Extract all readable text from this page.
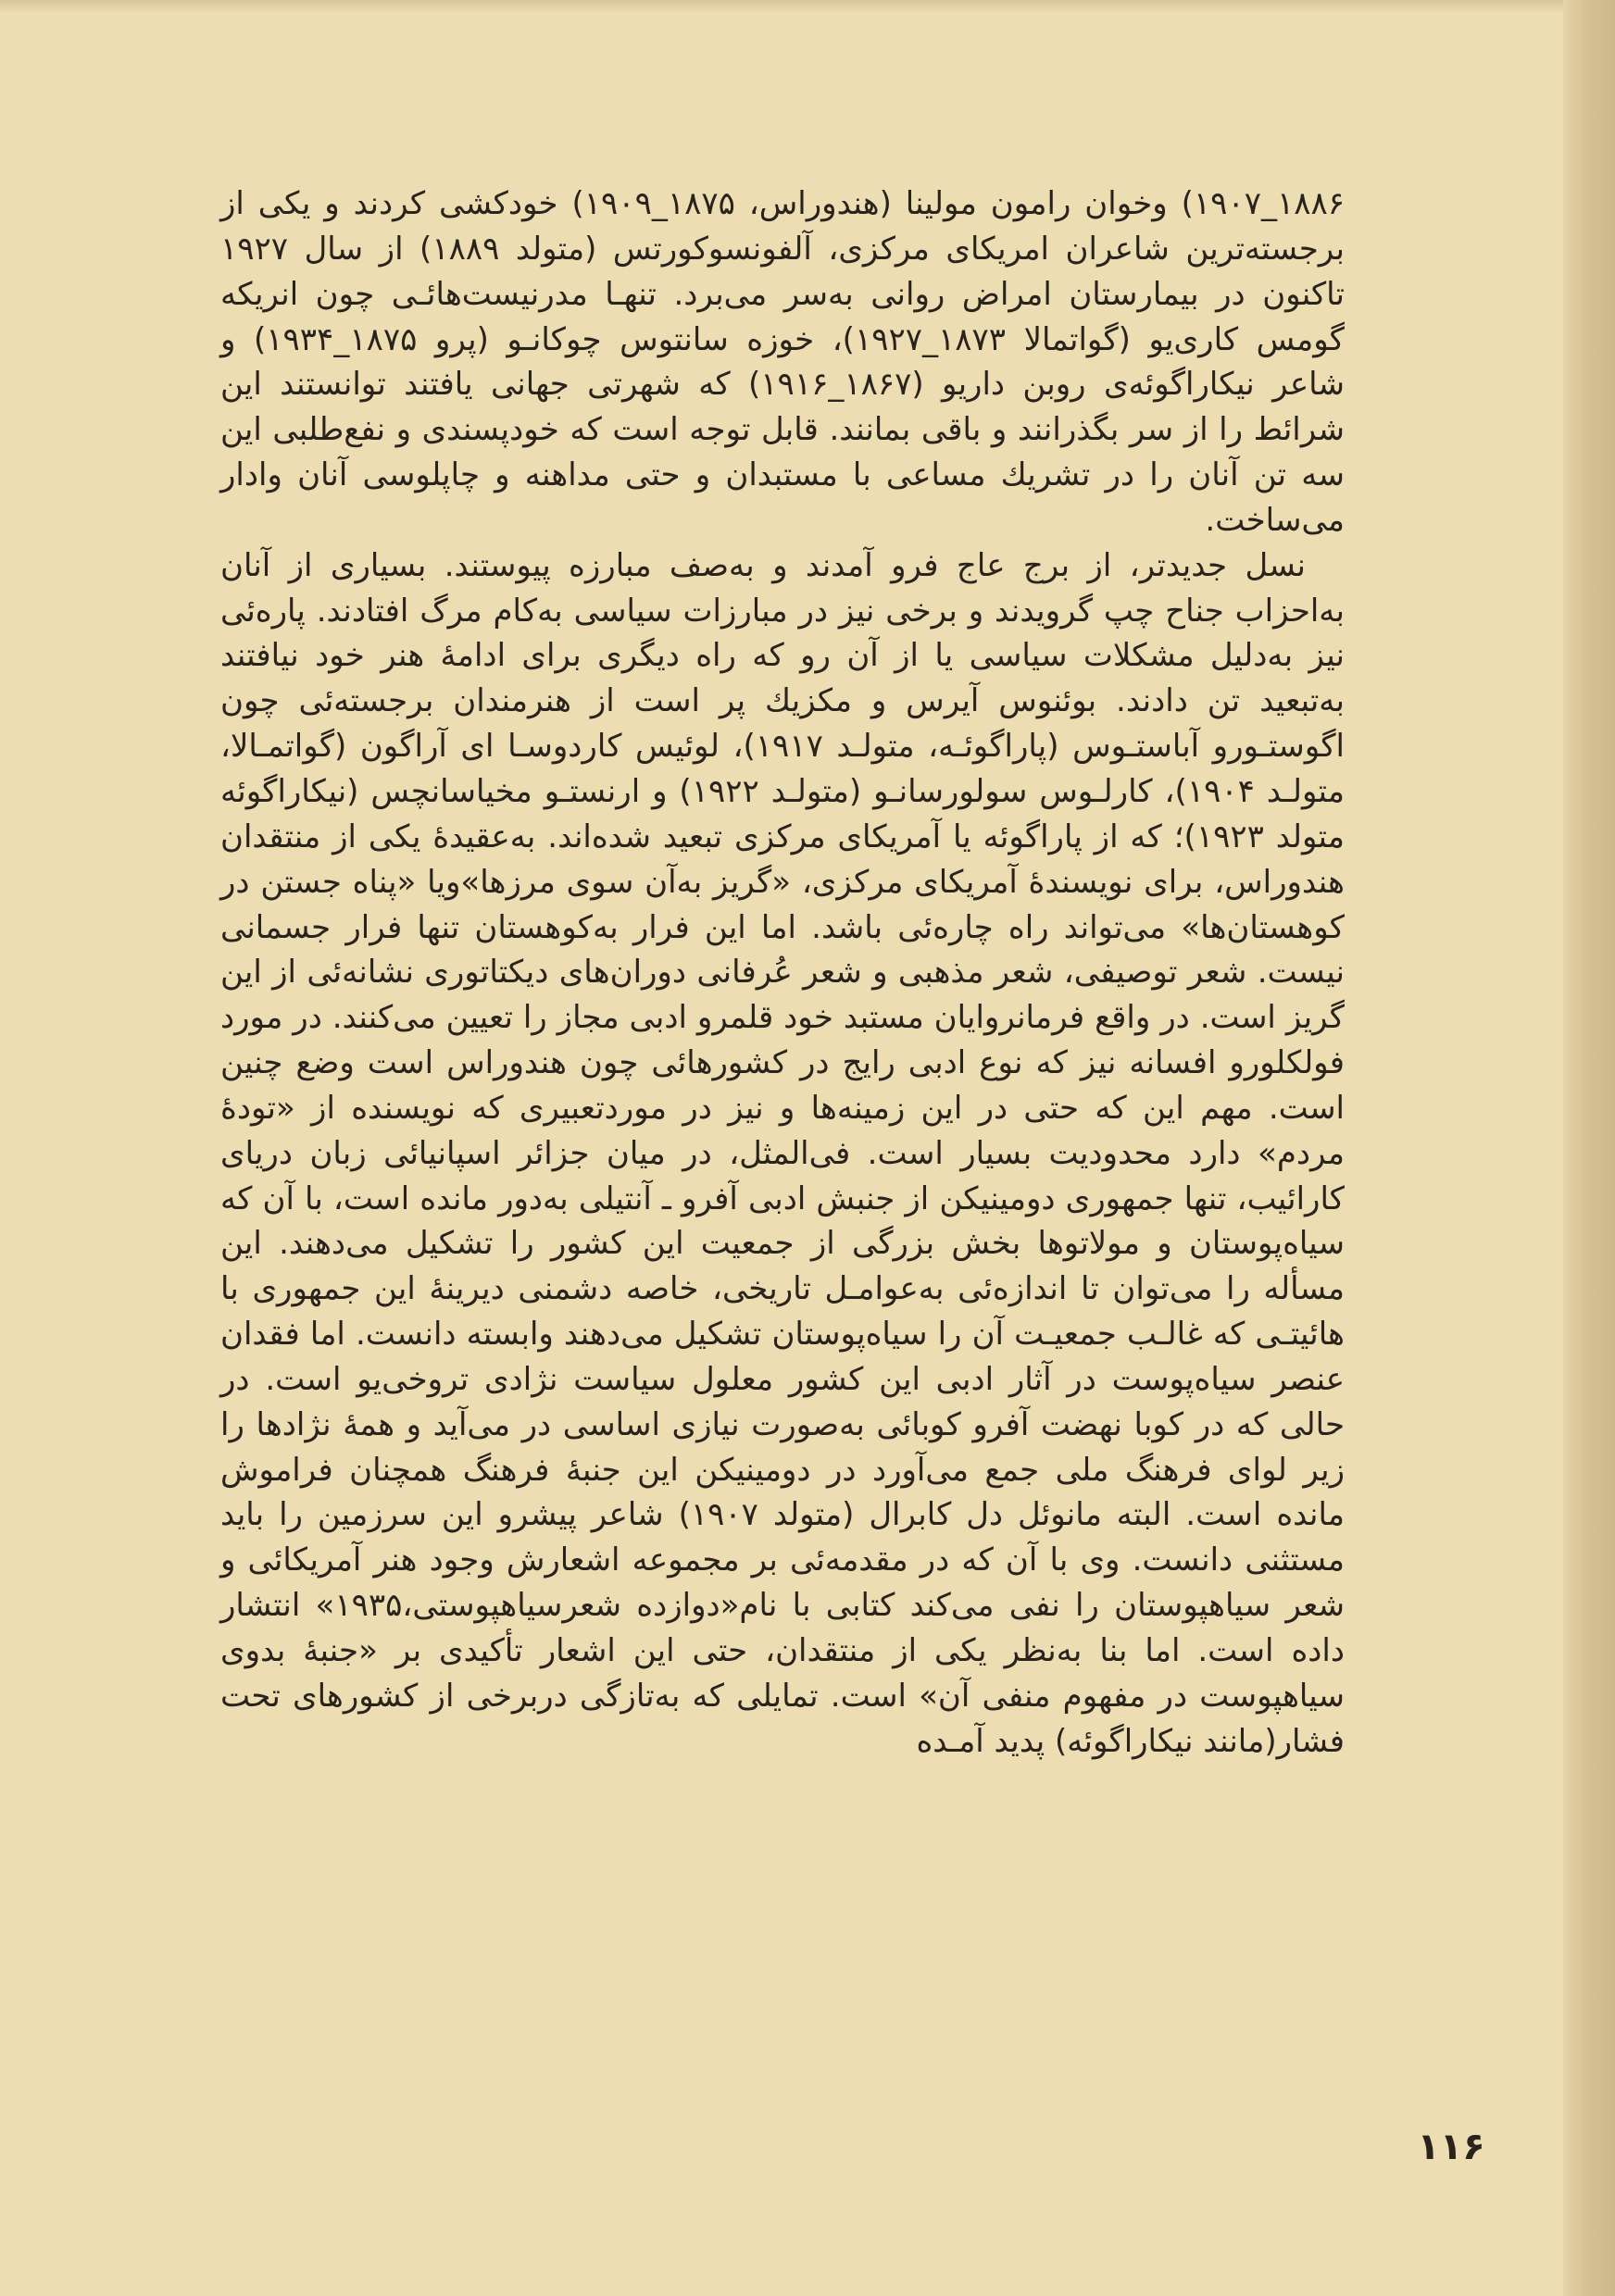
۱۸۸۶_۱۹۰۷) وخوان رامون مولینا (هندوراس، ۱۸۷۵_۱۹۰۹) خودکشی کردند و یکی از برجسته‌ترین شاعران امریکای مرکزی، آلفونسوکورتس (متولد ۱۸۸۹) از سال ۱۹۲۷ تاکنون در بیمارستان امراض روانی به‌سر می‌برد. تنهـا مدرنیست‌هائـی چون انریکه گومس کاری‌یو (گواتمالا ۱۸۷۳_۱۹۲۷)، خوزه سانتوس چوکانـو (پرو ۱۸۷۵_۱۹۳۴) و شاعر نیکاراگوئه‌ی روبن داریو (۱۸۶۷_۱۹۱۶) که شهرتی جهانی یافتند توانستند این شرائط را از سر بگذرانند و باقی بمانند. قابل توجه است که خودپسندی و نفع‌طلبی این سه تن آنان را در تشریك مساعی با مستبدان و حتی مداهنه و چاپلوسی آنان وادار می‌ساخت.

نسل جدیدتر، از برج عاج فرو آمدند و به‌صف مبارزه پیوستند. بسیاری از آنان به‌احزاب جناح چپ گرویدند و برخی نیز در مبارزات سیاسی به‌کام مرگ افتادند. پاره‌ئی نیز به‌دلیل مشکلات سیاسی یا از آن رو که راه دیگری برای ادامهٔ هنر خود نیافتند به‌تبعید تن دادند. بوئنوس آیرس و مکزیك پر است از هنرمندان برجسته‌ئی چون اگوستـورو آباستـوس (پاراگوئـه، متولـد ۱۹۱۷)، لوئیس کاردوسـا ای آراگون (گواتمـالا، متولـد ۱۹۰۴)، کارلـوس سولورسانـو (متولـد ۱۹۲۲) و ارنستـو مخیاسانچس (نیکاراگوئه متولد ۱۹۲۳)؛ که از پاراگوئه یا آمریکای مرکزی تبعید شده‌اند. به‌عقیدهٔ یکی از منتقدان هندوراس، برای نویسندهٔ آمریکای مرکزی، «گریز به‌آن سوی مرزها»ویا «پناه جستن در کوهستان‌ها» می‌تواند راه چاره‌ئی باشد. اما این فرار به‌کوهستان تنها فرار جسمانی نیست. شعر توصیفی، شعر مذهبی و شعر عُرفانی دوران‌های دیکتاتوری نشانه‌ئی از این گریز است. در واقع فرمانروایان مستبد خود قلمرو ادبی مجاز را تعیین می‌کنند. در مورد فولکلورو افسانه نیز که نوع ادبی رایج در کشورهائی چون هندوراس است وضع چنین است. مهم این که حتی در این زمینه‌ها و نیز در موردتعبیری که نویسنده از «تودهٔ مردم» دارد محدودیت بسیار است. فی‌المثل، در میان جزائر اسپانیائی زبان دریای کارائیب، تنها جمهوری دومینیکن از جنبش ادبی آفرو ـ آنتیلی به‌دور مانده است، با آن که سیاه‌پوستان و مولاتوها بخش بزرگی از جمعیت این کشور را تشکیل می‌دهند. این مسأله را می‌توان تا اندازه‌ئی به‌عوامـل تاریخی، خاصه دشمنی دیرینهٔ این جمهوری با هائیتـی که غالـب جمعیـت آن را سیاه‌پوستان تشکیل می‌دهند وابسته دانست. اما فقدان عنصر سیاه‌پوست در آثار ادبی این کشور معلول سیاست نژادی تروخی‌یو است. در حالی که در کوبا نهضت آفرو کوبائی به‌صورت نیازی اساسی در می‌آید و همهٔ نژادها را زیر لوای فرهنگ ملی جمع می‌آورد در دومینیکن این جنبهٔ فرهنگ همچنان فراموش مانده است. البته مانوئل دل کابرال (متولد ۱۹۰۷) شاعر پیشرو این سرزمین را باید مستثنی دانست. وی با آن که در مقدمه‌ئی بر مجموعه اشعارش وجود هنر آمریکائی و شعر سیاهپوستان را نفی می‌کند کتابی با نام«دوازده شعرسیاهپوستی،۱۹۳۵» انتشار داده است. اما بنا به‌نظر یکی از منتقدان، حتی این اشعار تأکیدی بر «جنبهٔ بدوی سیاهپوست در مفهوم منفی آن» است. تمایلی که به‌تازگی دربرخی از کشورهای تحت فشار(مانند نیکاراگوئه) پدید آمـده

۱۱۶
